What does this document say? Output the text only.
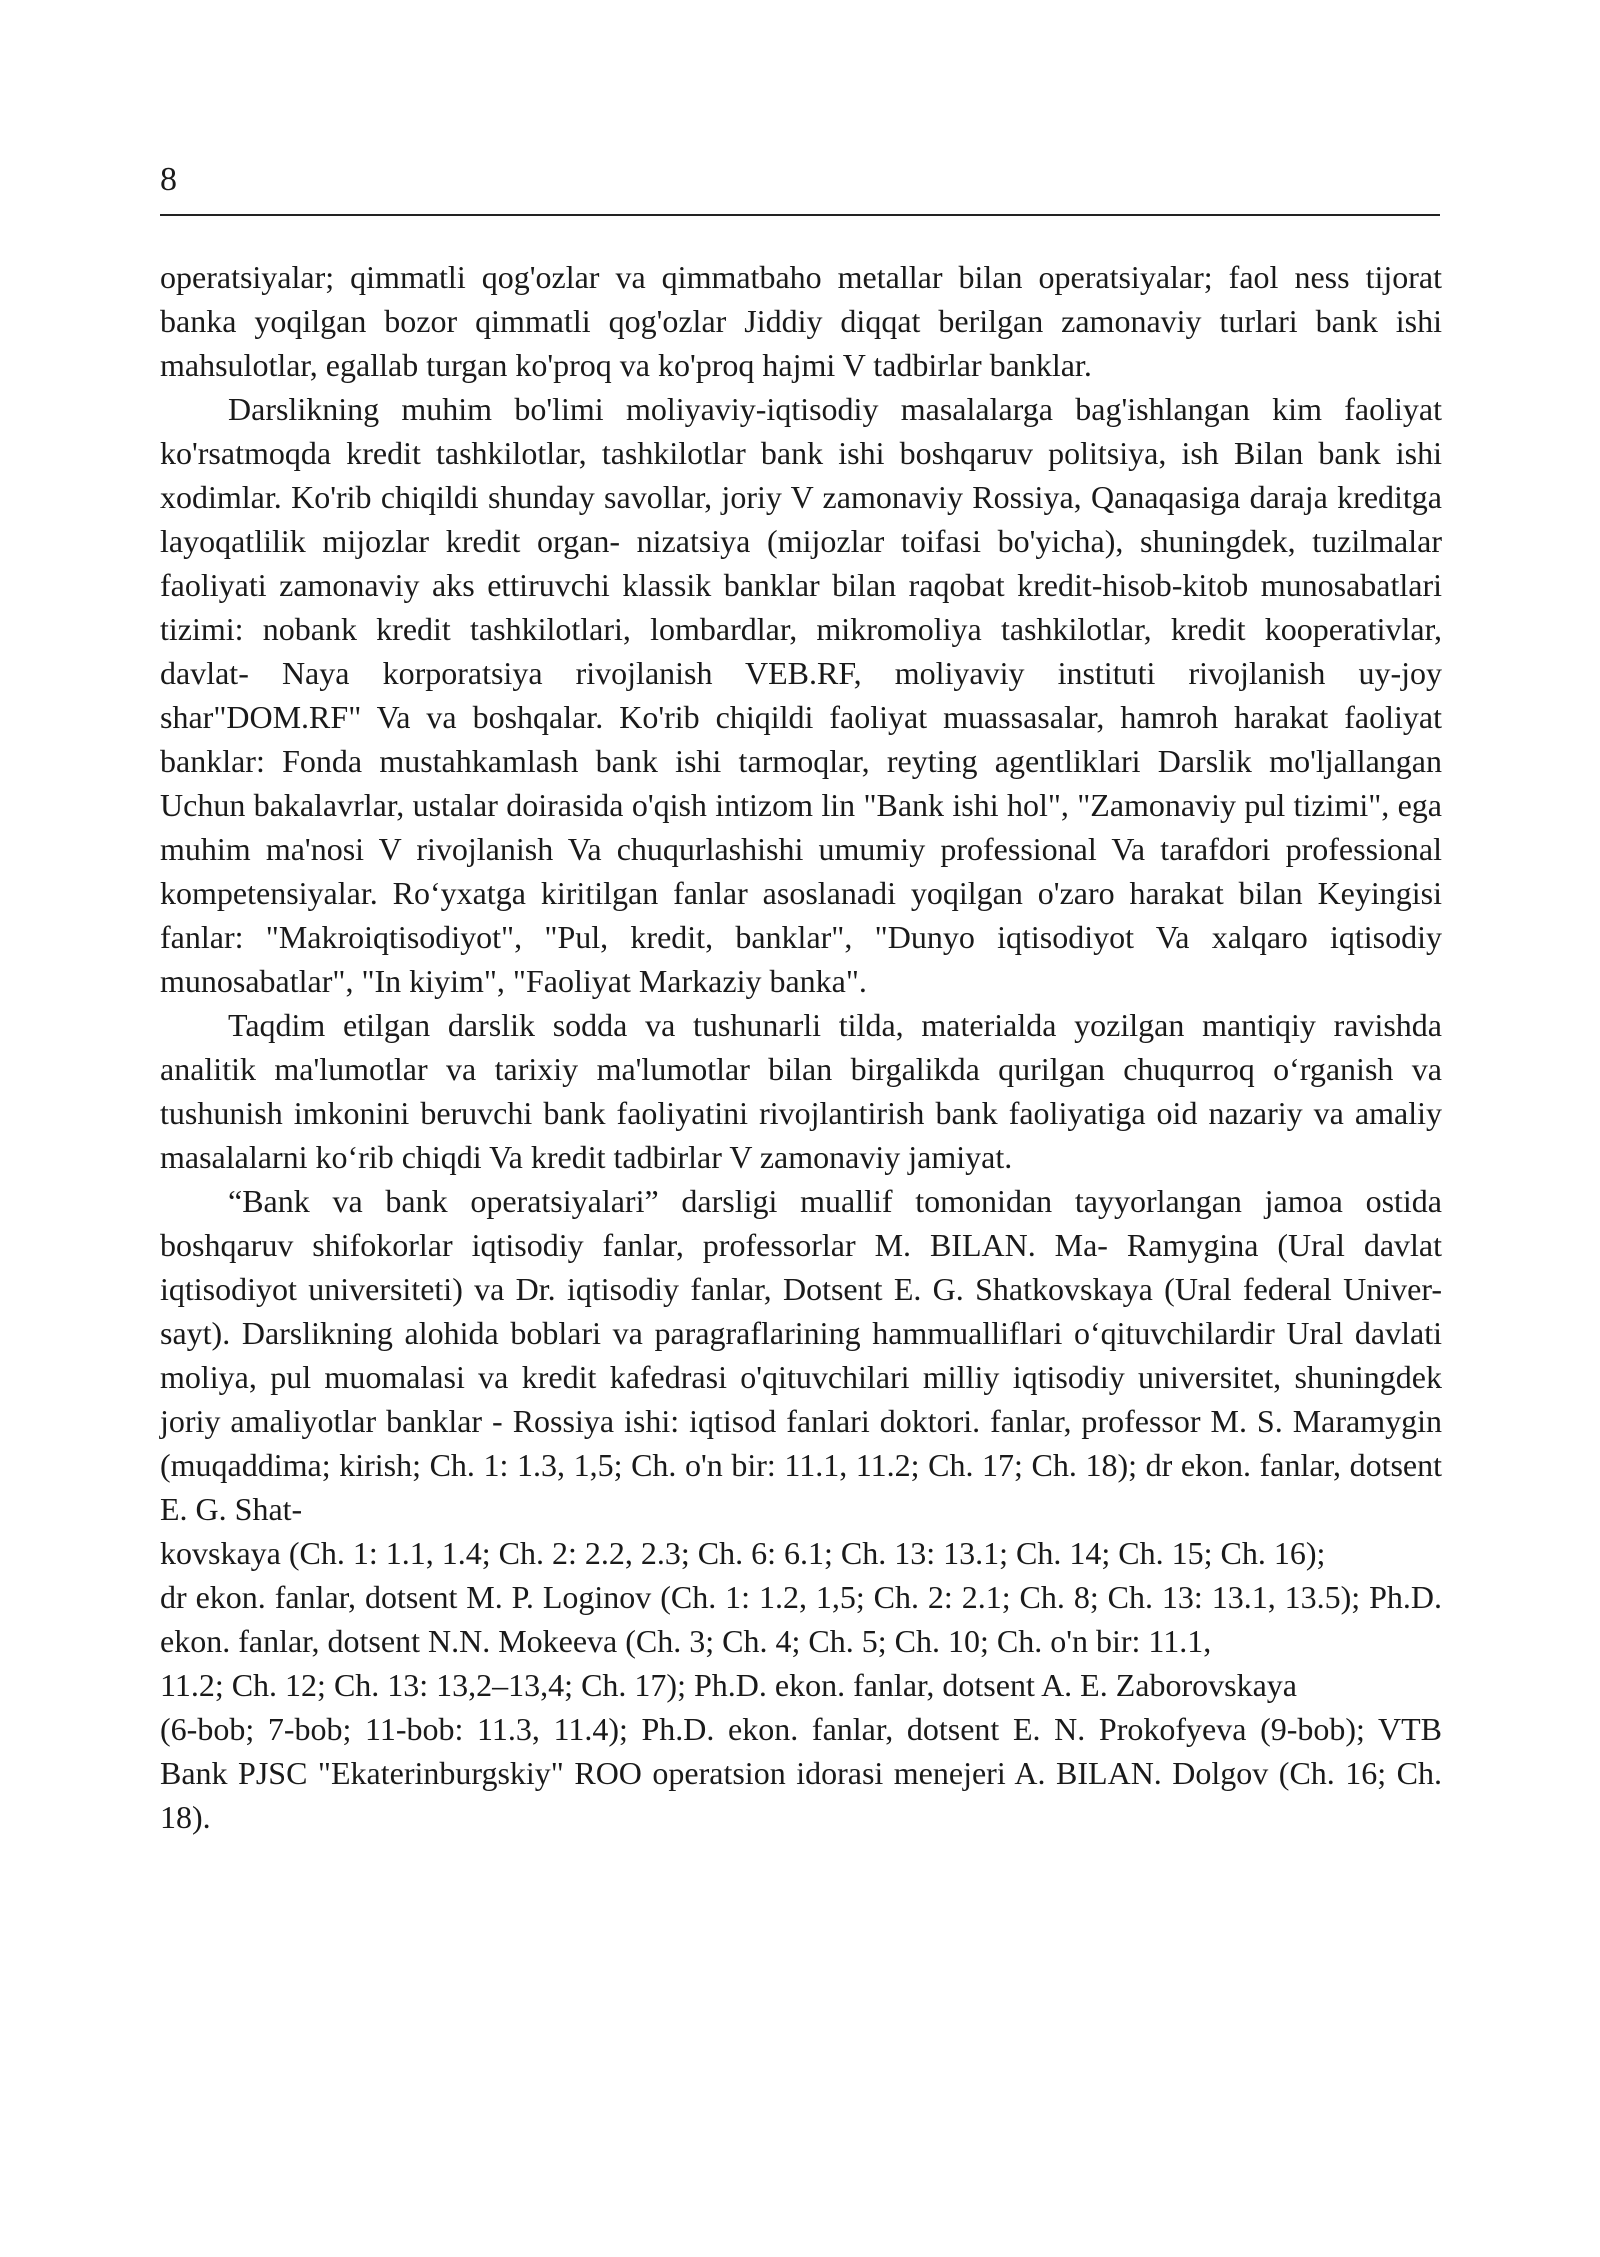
8

operatsiyalar; qimmatli qog'ozlar va qimmatbaho metallar bilan operatsiyalar; faol ness tijorat banka yoqilgan bozor qimmatli qog'ozlar Jiddiy diqqat berilgan zamonaviy turlari bank ishi mahsulotlar, egallab turgan ko'proq va ko'proq hajmi V tadbirlar banklar.

Darslikning muhim bo'limi moliyaviy-iqtisodiy masalalarga bag'ishlangan kim faoliyat ko'rsatmoqda kredit tashkilotlar, tashkilotlar bank ishi boshqaruv politsiya, ish Bilan bank ishi xodimlar. Ko'rib chiqildi shunday savollar, joriy V zamonaviy Rossiya, Qanaqasiga daraja kreditga layoqatlilik mijozlar kredit organ- nizatsiya (mijozlar toifasi bo'yicha), shuningdek, tuzilmalar faoliyati zamonaviy aks ettiruvchi klassik banklar bilan raqobat kredit-hisob-kitob munosabatlari tizimi: nobank kredit tashkilotlari, lombardlar, mikromoliya tashkilotlar, kredit kooperativlar, davlat- Naya korporatsiya rivojlanish VEB.RF, moliyaviy instituti rivojlanish uy-joy shar"DOM.RF" Va va boshqalar. Ko'rib chiqildi faoliyat muassasalar, hamroh harakat faoliyat banklar: Fonda mustahkamlash bank ishi tarmoqlar, reyting agentliklari Darslik mo'ljallangan Uchun bakalavrlar, ustalar doirasida o'qish intizom lin "Bank ishi hol", "Zamonaviy pul tizimi", ega muhim ma'nosi V rivojlanish Va chuqurlashishi umumiy professional Va tarafdori professional kompetensiyalar. Ro‘yxatga kiritilgan fanlar asoslanadi yoqilgan o'zaro harakat bilan Keyingisi fanlar: "Makroiqtisodiyot", "Pul, kredit, banklar", "Dunyo iqtisodiyot Va xalqaro iqtisodiy munosabatlar", "In kiyim", "Faoliyat Markaziy banka".

Taqdim etilgan darslik sodda va tushunarli tilda, materialda yozilgan mantiqiy ravishda analitik ma'lumotlar va tarixiy ma'lumotlar bilan birgalikda qurilgan chuqurroq o‘rganish va tushunish imkonini beruvchi bank faoliyatini rivojlantirish bank faoliyatiga oid nazariy va amaliy masalalarni ko‘rib chiqdi Va kredit tadbirlar V zamonaviy jamiyat.

“Bank va bank operatsiyalari” darsligi muallif tomonidan tayyorlangan jamoa ostida boshqaruv shifokorlar iqtisodiy fanlar, professorlar M. BILAN. Ma- Ramygina (Ural davlat iqtisodiyot universiteti) va Dr. iqtisodiy fanlar, Dotsent E. G. Shatkovskaya (Ural federal Univer- sayt). Darslikning alohida boblari va paragraflarining hammualliflari o‘qituvchilardir Ural davlati moliya, pul muomalasi va kredit kafedrasi o'qituvchilari milliy iqtisodiy universitet, shuningdek joriy amaliyotlar banklar - Rossiya ishi: iqtisod fanlari doktori. fanlar, professor M. S. Maramygin (muqaddima; kirish; Ch. 1: 1.3, 1,5; Ch. o'n bir: 11.1, 11.2; Ch. 17; Ch. 18); dr ekon. fanlar, dotsent E. G. Shat-

kovskaya (Ch. 1: 1.1, 1.4; Ch. 2: 2.2, 2.3; Ch. 6: 6.1; Ch. 13: 13.1; Ch. 14; Ch. 15; Ch. 16);

dr ekon. fanlar, dotsent M. P. Loginov (Ch. 1: 1.2, 1,5; Ch. 2: 2.1; Ch. 8; Ch. 13: 13.1, 13.5); Ph.D. ekon. fanlar, dotsent N.N. Mokeeva (Ch. 3; Ch. 4; Ch. 5; Ch. 10; Ch. o'n bir: 11.1,

11.2; Ch. 12; Ch. 13: 13,2–13,4; Ch. 17); Ph.D. ekon. fanlar, dotsent A. E. Zaborovskaya

(6-bob; 7-bob; 11-bob: 11.3, 11.4); Ph.D. ekon. fanlar, dotsent E. N. Prokofyeva (9-bob); VTB Bank PJSC "Ekaterinburgskiy" ROO operatsion idorasi menejeri A. BILAN. Dolgov (Ch. 16; Ch. 18).
